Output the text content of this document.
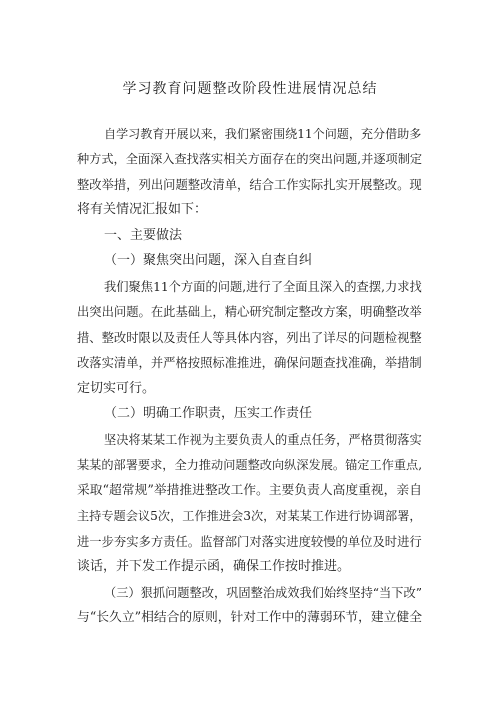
学习教育问题整改阶段性进展情况总结
自学习教育开展以来，我们紧密围绕11个问题，充分借助多
种方式，全面深入查找落实相关方面存在的突出问题,并逐项制定
整改举措，列出问题整改清单，结合工作实际扎实开展整改。现
将有关情况汇报如下：
一、主要做法
（一）聚焦突出问题，深入自查自纠
我们聚焦11个方面的问题,进行了全面且深入的查摆,力求找
出突出问题。在此基础上，精心研究制定整改方案，明确整改举
措、整改时限以及责任人等具体内容，列出了详尽的问题检视整
改落实清单，并严格按照标准推进，确保问题查找准确，举措制
定切实可行。
（二）明确工作职责，压实工作责任
坚决将某某工作视为主要负责人的重点任务，严格贯彻落实
某某的部署要求，全力推动问题整改向纵深发展。锚定工作重点,
采取“超常规”举措推进整改工作。主要负责人高度重视，亲自
主持专题会议5次，工作推进会3次，对某某工作进行协调部署，
进一步夯实多方责任。监督部门对落实进度较慢的单位及时进行
谈话，并下发工作提示函，确保工作按时推进。
（三）狠抓问题整改，巩固整治成效我们始终坚持“当下改”
与“长久立”相结合的原则，针对工作中的薄弱环节，建立健全
